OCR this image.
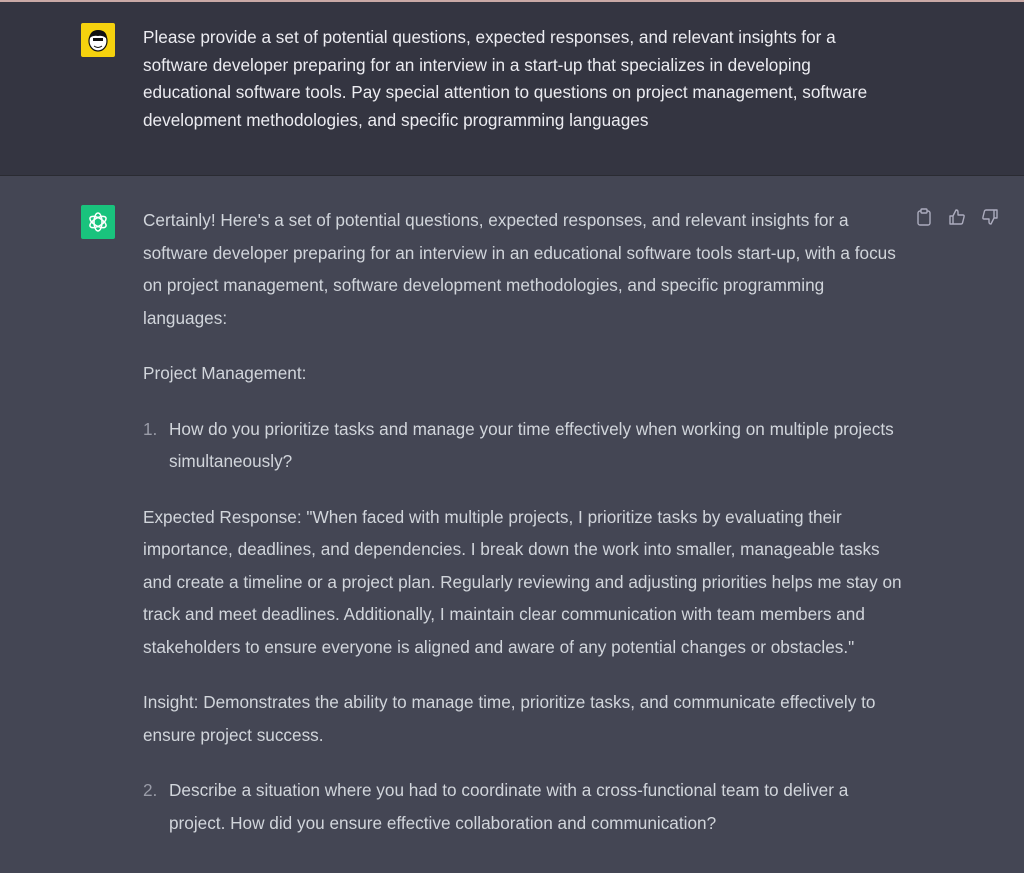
Please provide a set of potential questions, expected responses, and relevant insights for a software developer preparing for an interview in a start-up that specializes in developing educational software tools. Pay special attention to questions on project management, software development methodologies, and specific programming languages

Certainly! Here's a set of potential questions, expected responses, and relevant insights for a software developer preparing for an interview in an educational software tools start-up, with a focus on project management, software development methodologies, and specific programming languages:

Project Management:

1. How do you prioritize tasks and manage your time effectively when working on multiple projects simultaneously?

Expected Response: "When faced with multiple projects, I prioritize tasks by evaluating their importance, deadlines, and dependencies. I break down the work into smaller, manageable tasks and create a timeline or a project plan. Regularly reviewing and adjusting priorities helps me stay on track and meet deadlines. Additionally, I maintain clear communication with team members and stakeholders to ensure everyone is aligned and aware of any potential changes or obstacles."

Insight: Demonstrates the ability to manage time, prioritize tasks, and communicate effectively to ensure project success.

2. Describe a situation where you had to coordinate with a cross-functional team to deliver a project. How did you ensure effective collaboration and communication?
